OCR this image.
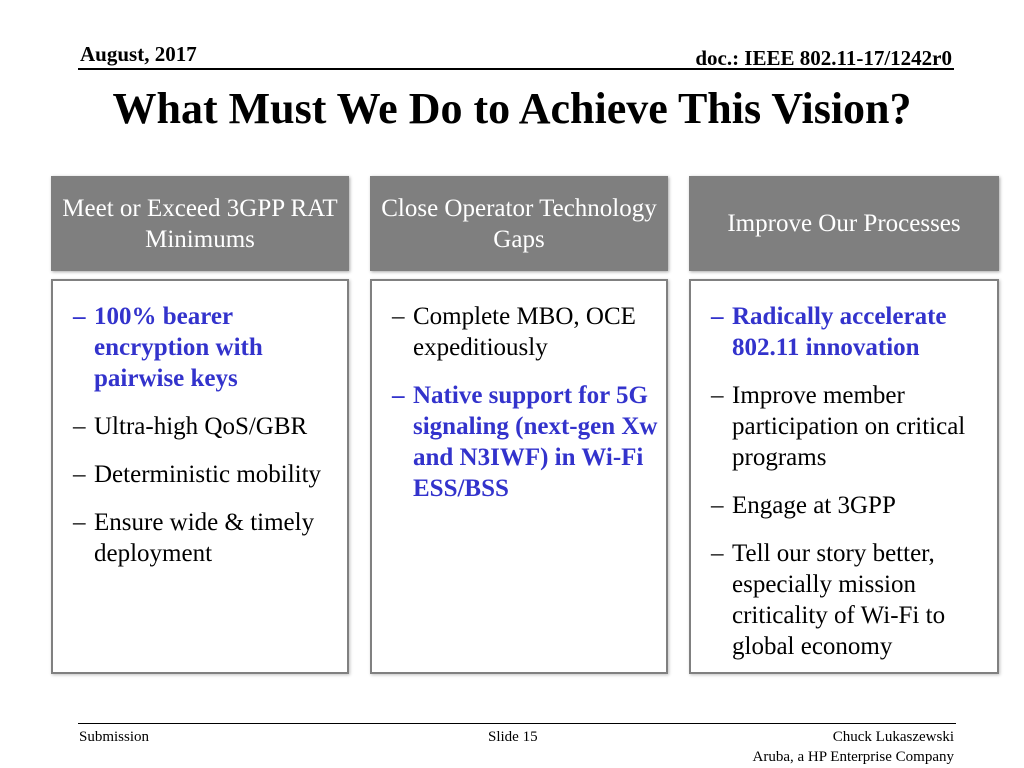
August, 2017	doc.: IEEE 802.11-17/1242r0
What Must We Do to Achieve This Vision?
Meet or Exceed 3GPP RAT Minimums
Close Operator Technology Gaps
Improve Our Processes
– 100% bearer encryption with pairwise keys
– Ultra-high QoS/GBR
– Deterministic mobility
– Ensure wide & timely deployment
– Complete MBO, OCE expeditiously
– Native support for 5G signaling (next-gen Xw and N3IWF) in Wi-Fi ESS/BSS
– Radically accelerate 802.11 innovation
– Improve member participation on critical programs
– Engage at 3GPP
– Tell our story better, especially mission criticality of Wi-Fi to global economy
Submission	Slide 15	Chuck Lukaszewski
Aruba, a HP Enterprise Company
